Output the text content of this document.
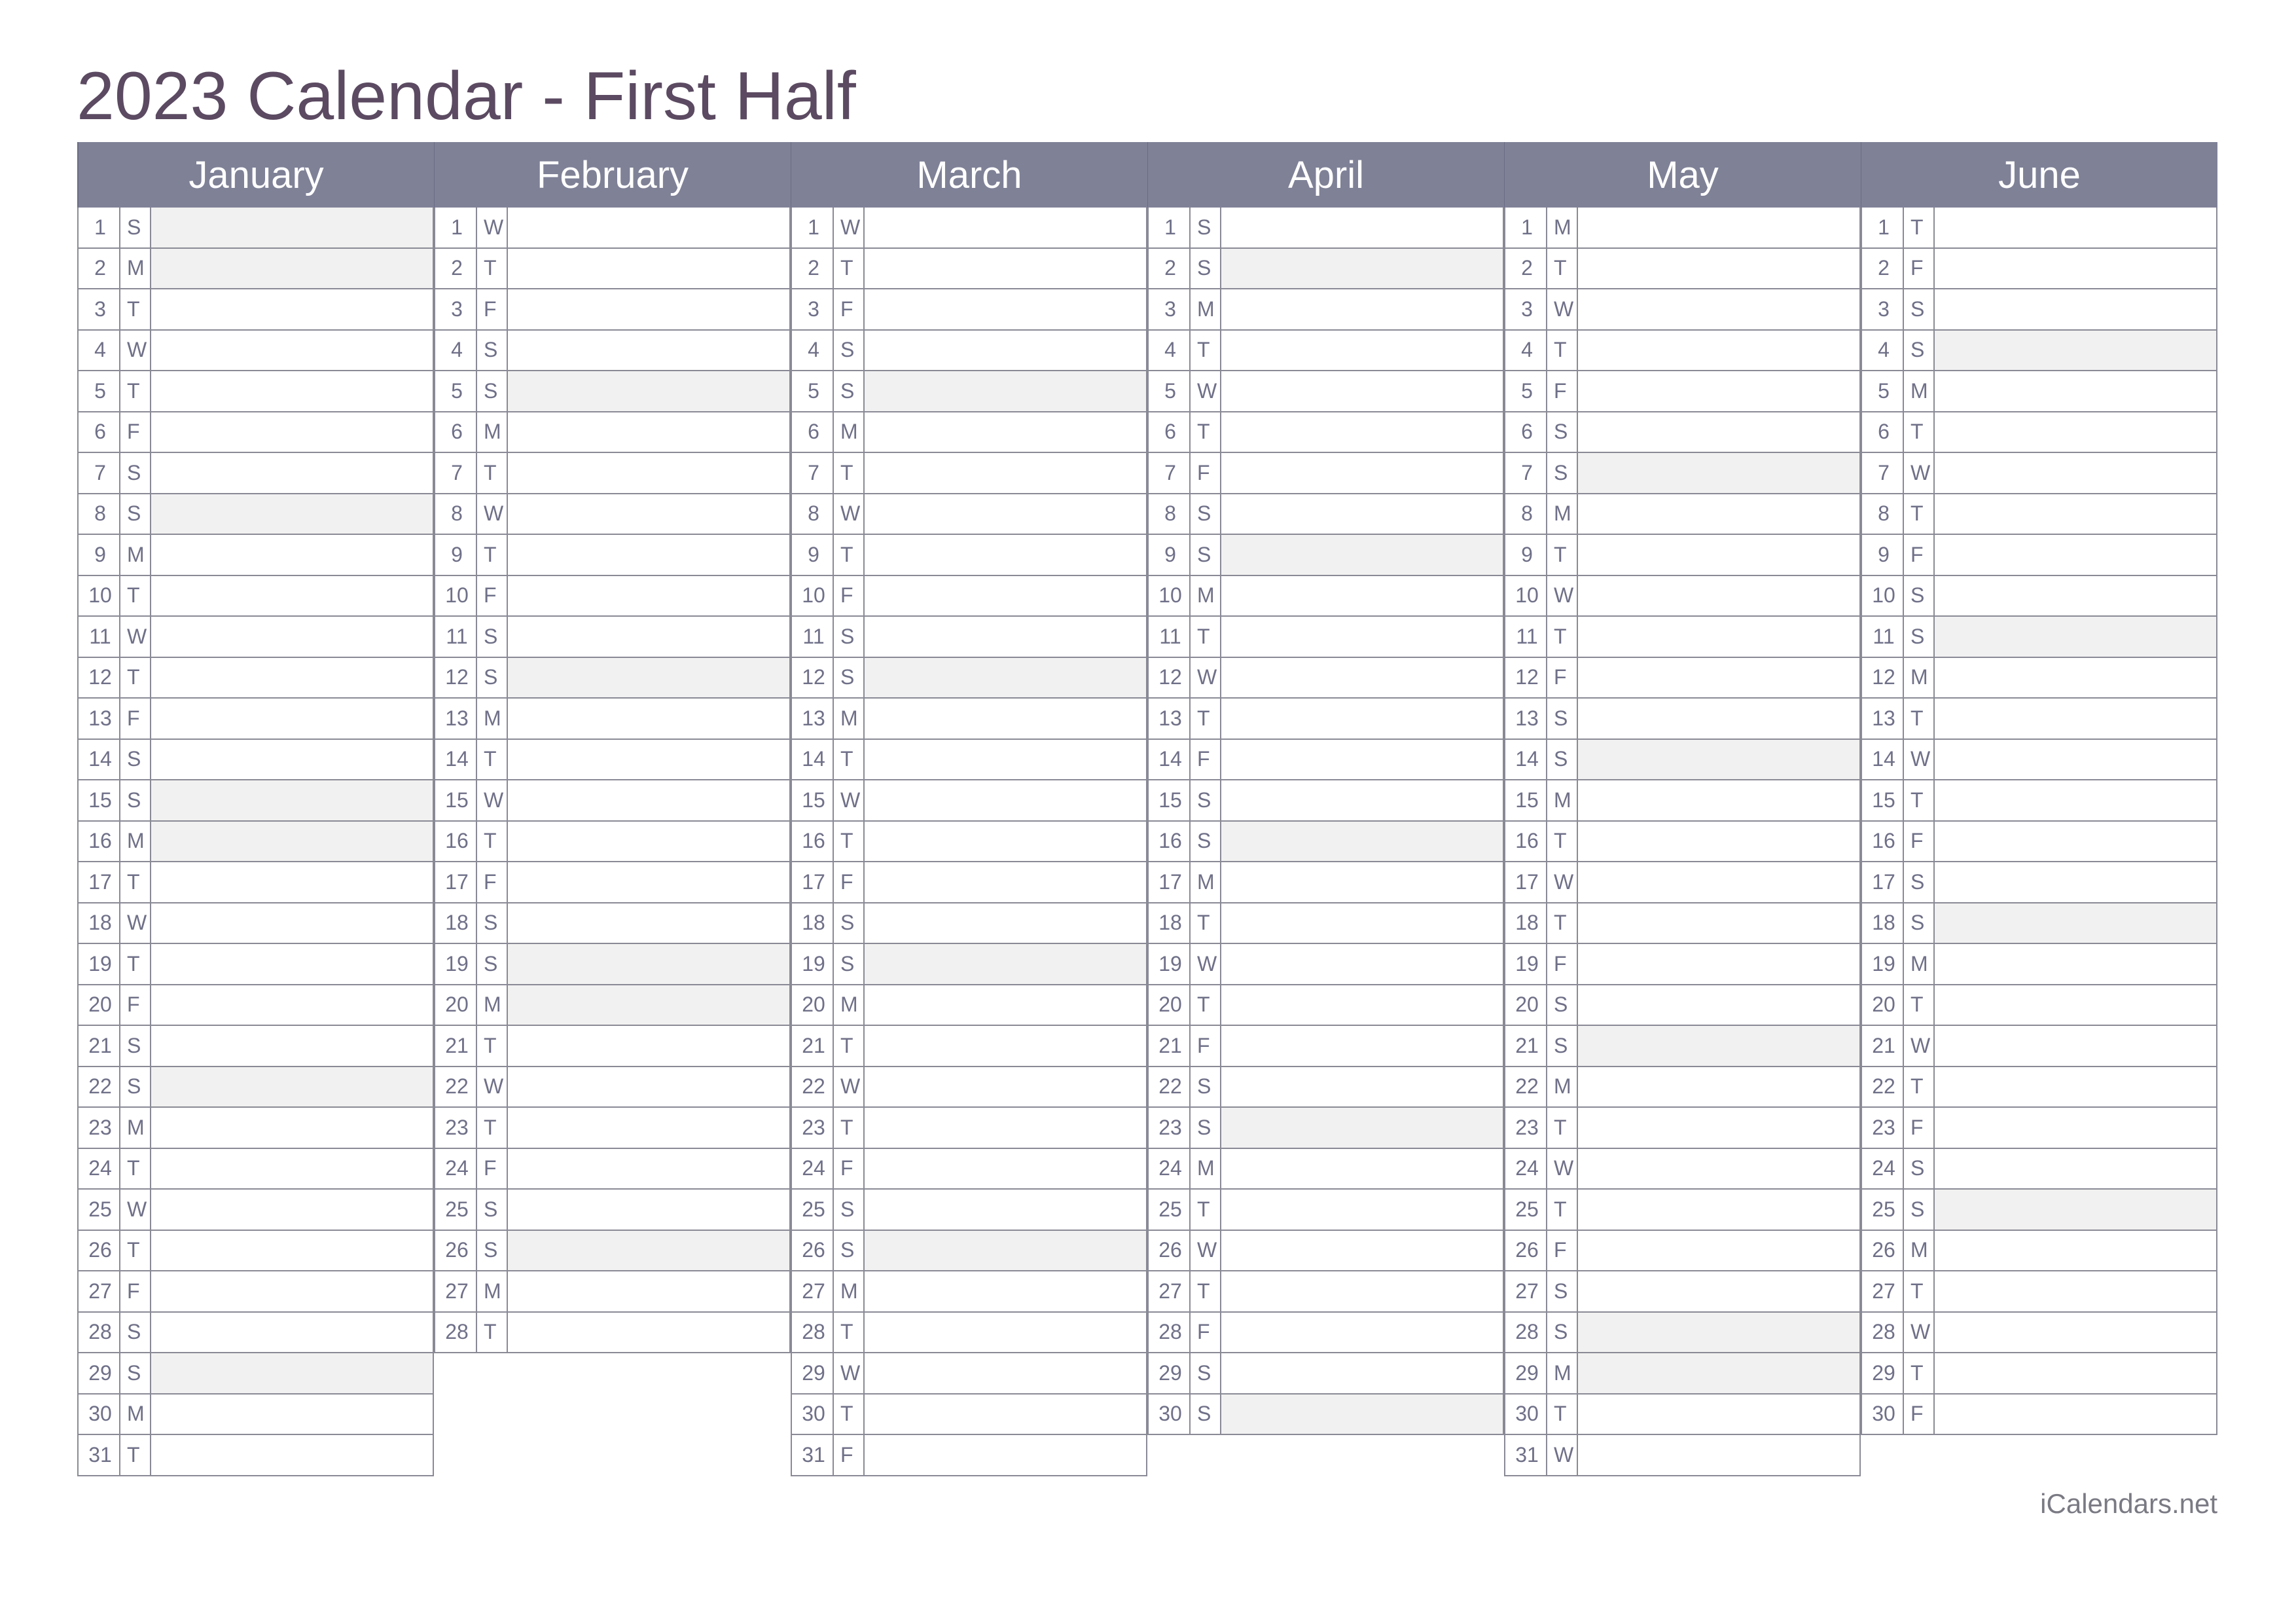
2023 Calendar - First Half
January
1	S
2	M
3	T
4	W
5	T
6	F
7	S
8	S
9	M
10 T
11 W
12 T
13 F
14 S
15 S
16 M
17 T
18 W
19 T
20 F
21 S
22 S
23 M
24 T
25 W
26 T
27 F
28 S
29 S
30 M
31 T
February
1	W
2	T
3	F
4	S
5	S
6	M
7	T
8	W
9	T
10 F
11 S
12 S
13 M
14 T
15 W
16 T
17 F
18 S
19 S
20 M
21 T
22 W
23 T
24 F
25 S
26 S
27 M
28 T
March
1	W
2	T
3	F
4	S
5	S
6	M
7	T
8	W
9	T
10 F
11 S
12 S
13 M
14 T
15 W
16 T
17 F
18 S
19 S
20 M
21 T
22 W
23 T
24 F
25 S
26 S
27 M
28 T
29 W
30 T
31 F
April
1	S
2	S
3	M
4	T
5	W
6	T
7	F
8	S
9	S
10 M
11 T
12 W
13 T
14 F
15 S
16 S
17 M
18 T
19 W
20 T
21 F
22 S
23 S
24 M
25 T
26 W
27 T
28 F
29 S
30 S
May
1	M
2	T
3	W
4	T
5	F
6	S
7	S
8	M
9	T
10 W
11 T
12 F
13 S
14 S
15 M
16 T
17 W
18 T
19 F
20 S
21 S
22 M
23 T
24 W
25 T
26 F
27 S
28 S
29 M
30 T
31 W
June
1	T
2	F
3	S
4	S
5	M
6	T
7	W
8	T
9	F
10 S
11 S
12 M
13 T
14 W
15 T
16 F
17 S
18 S
19 M
20 T
21 W
22 T
23 F
24 S
25 S
26 M
27 T
28 W
29 T
30 F
iCalendars.net
